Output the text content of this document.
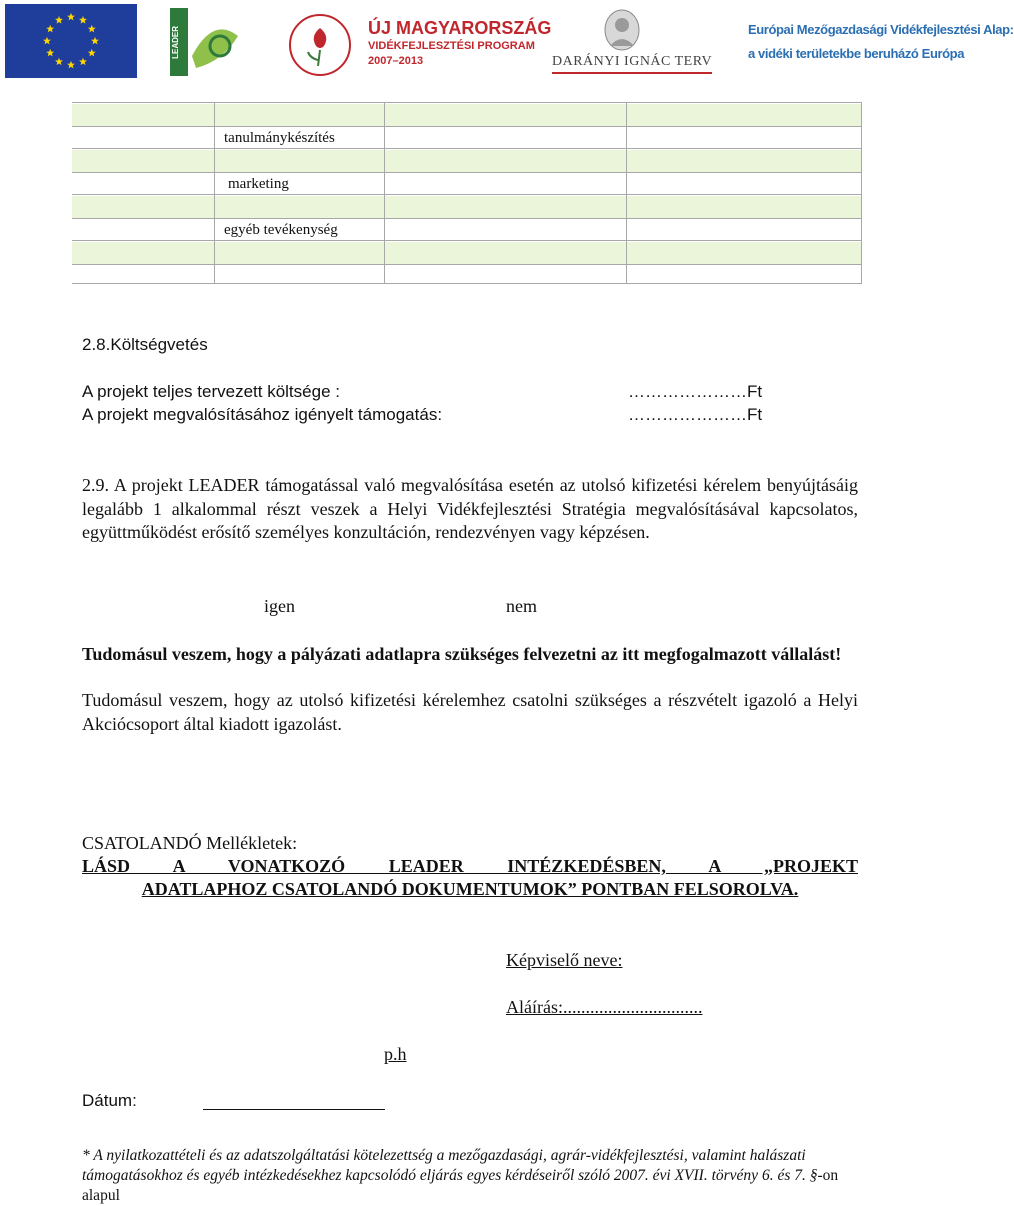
LEADER	ÚJ MAGYARORSZÁG
VIDÉKFEJLESZTÉSI PROGRAM
2007–2013	DARÁNYI IGNÁC TERV
Európai Mezőgazdasági Vidékfejlesztési Alap:
a vidéki területekbe beruházó Európa
tanulmánykészítés
marketing
egyéb tevékenység
2.8.Költségvetés
A projekt teljes tervezett költsége :	…………………Ft
A projekt megvalósításához igényelt támogatás:	…………………Ft
2.9. A projekt LEADER támogatással való megvalósítása esetén az utolsó kifizetési kérelem benyújtásáig legalább 1 alkalommal részt veszek a Helyi Vidékfejlesztési Stratégia megvalósításával kapcsolatos, együttműködést erősítő személyes konzultáción, rendezvényen vagy képzésen.
igen	nem
Tudomásul veszem, hogy a pályázati adatlapra szükséges felvezetni az itt megfogalmazott vállalást!
Tudomásul veszem, hogy az utolsó kifizetési kérelemhez csatolni szükséges a részvételt igazoló a Helyi Akciócsoport által kiadott igazolást.
CSATOLANDÓ Mellékletek:
LÁSD A VONATKOZÓ LEADER INTÉZKEDÉSBEN, A „PROJEKT
ADATLAPHOZ CSATOLANDÓ DOKUMENTUMOK” PONTBAN FELSOROLVA.
Képviselő neve:
Aláírás:...............................
p.h
Dátum:
* A nyilatkozattételi és az adatszolgáltatási kötelezettség a mezőgazdasági, agrár-vidékfejlesztési, valamint halászati támogatásokhoz és egyéb intézkedésekhez kapcsolódó eljárás egyes kérdéseiről szóló 2007. évi XVII. törvény 6. és 7. §-on alapul
